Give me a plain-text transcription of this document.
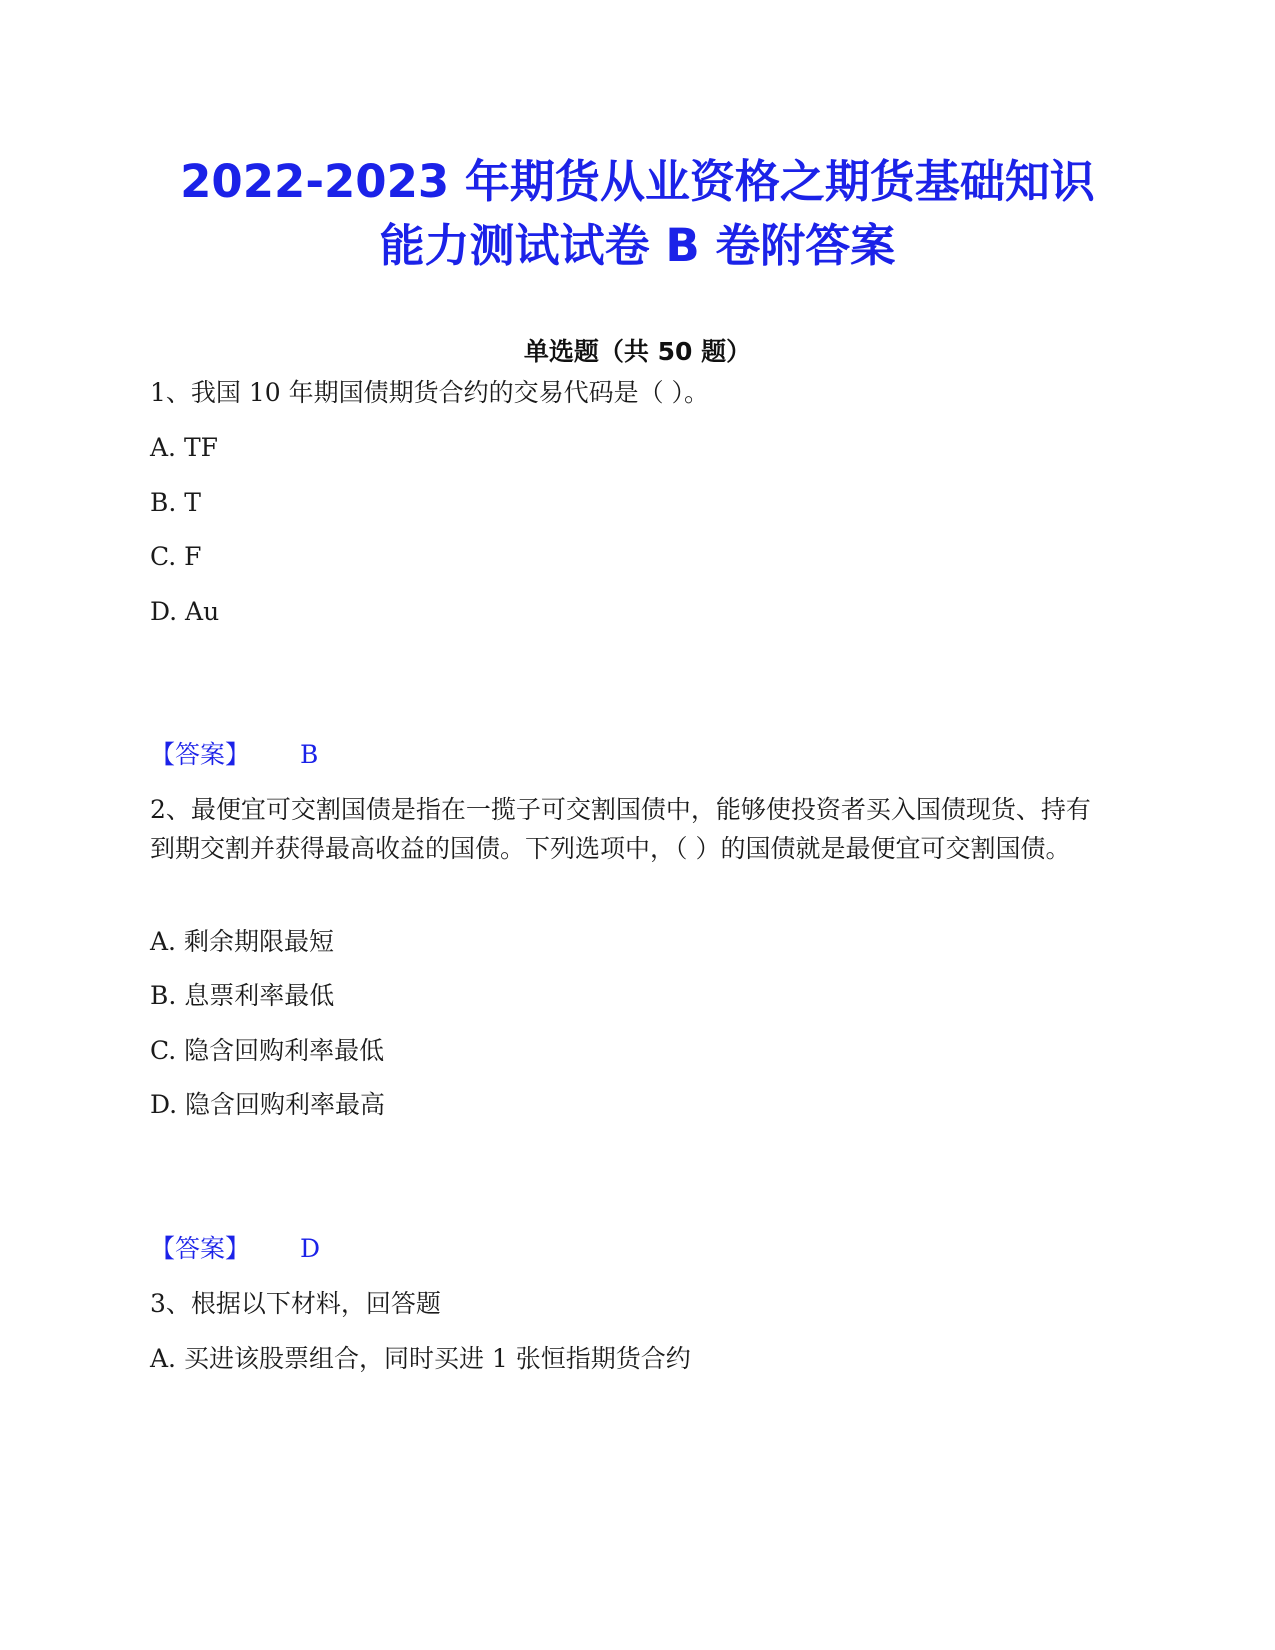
2022-2023 年期货从业资格之期货基础知识
能力测试试卷 B 卷附答案
单选题（共 50 题）
1、我国 10 年期国债期货合约的交易代码是（ ）。
A. TF
B. T
C. F
D. Au
【答案】 B
2、最便宜可交割国债是指在一揽子可交割国债中，能够使投资者买入国债现货、持有到期交割并获得最高收益的国债。下列选项中，（ ）的国债就是最便宜可交割国债。
A. 剩余期限最短
B. 息票利率最低
C. 隐含回购利率最低
D. 隐含回购利率最高
【答案】 D
3、根据以下材料，回答题
A. 买进该股票组合，同时买进 1 张恒指期货合约
